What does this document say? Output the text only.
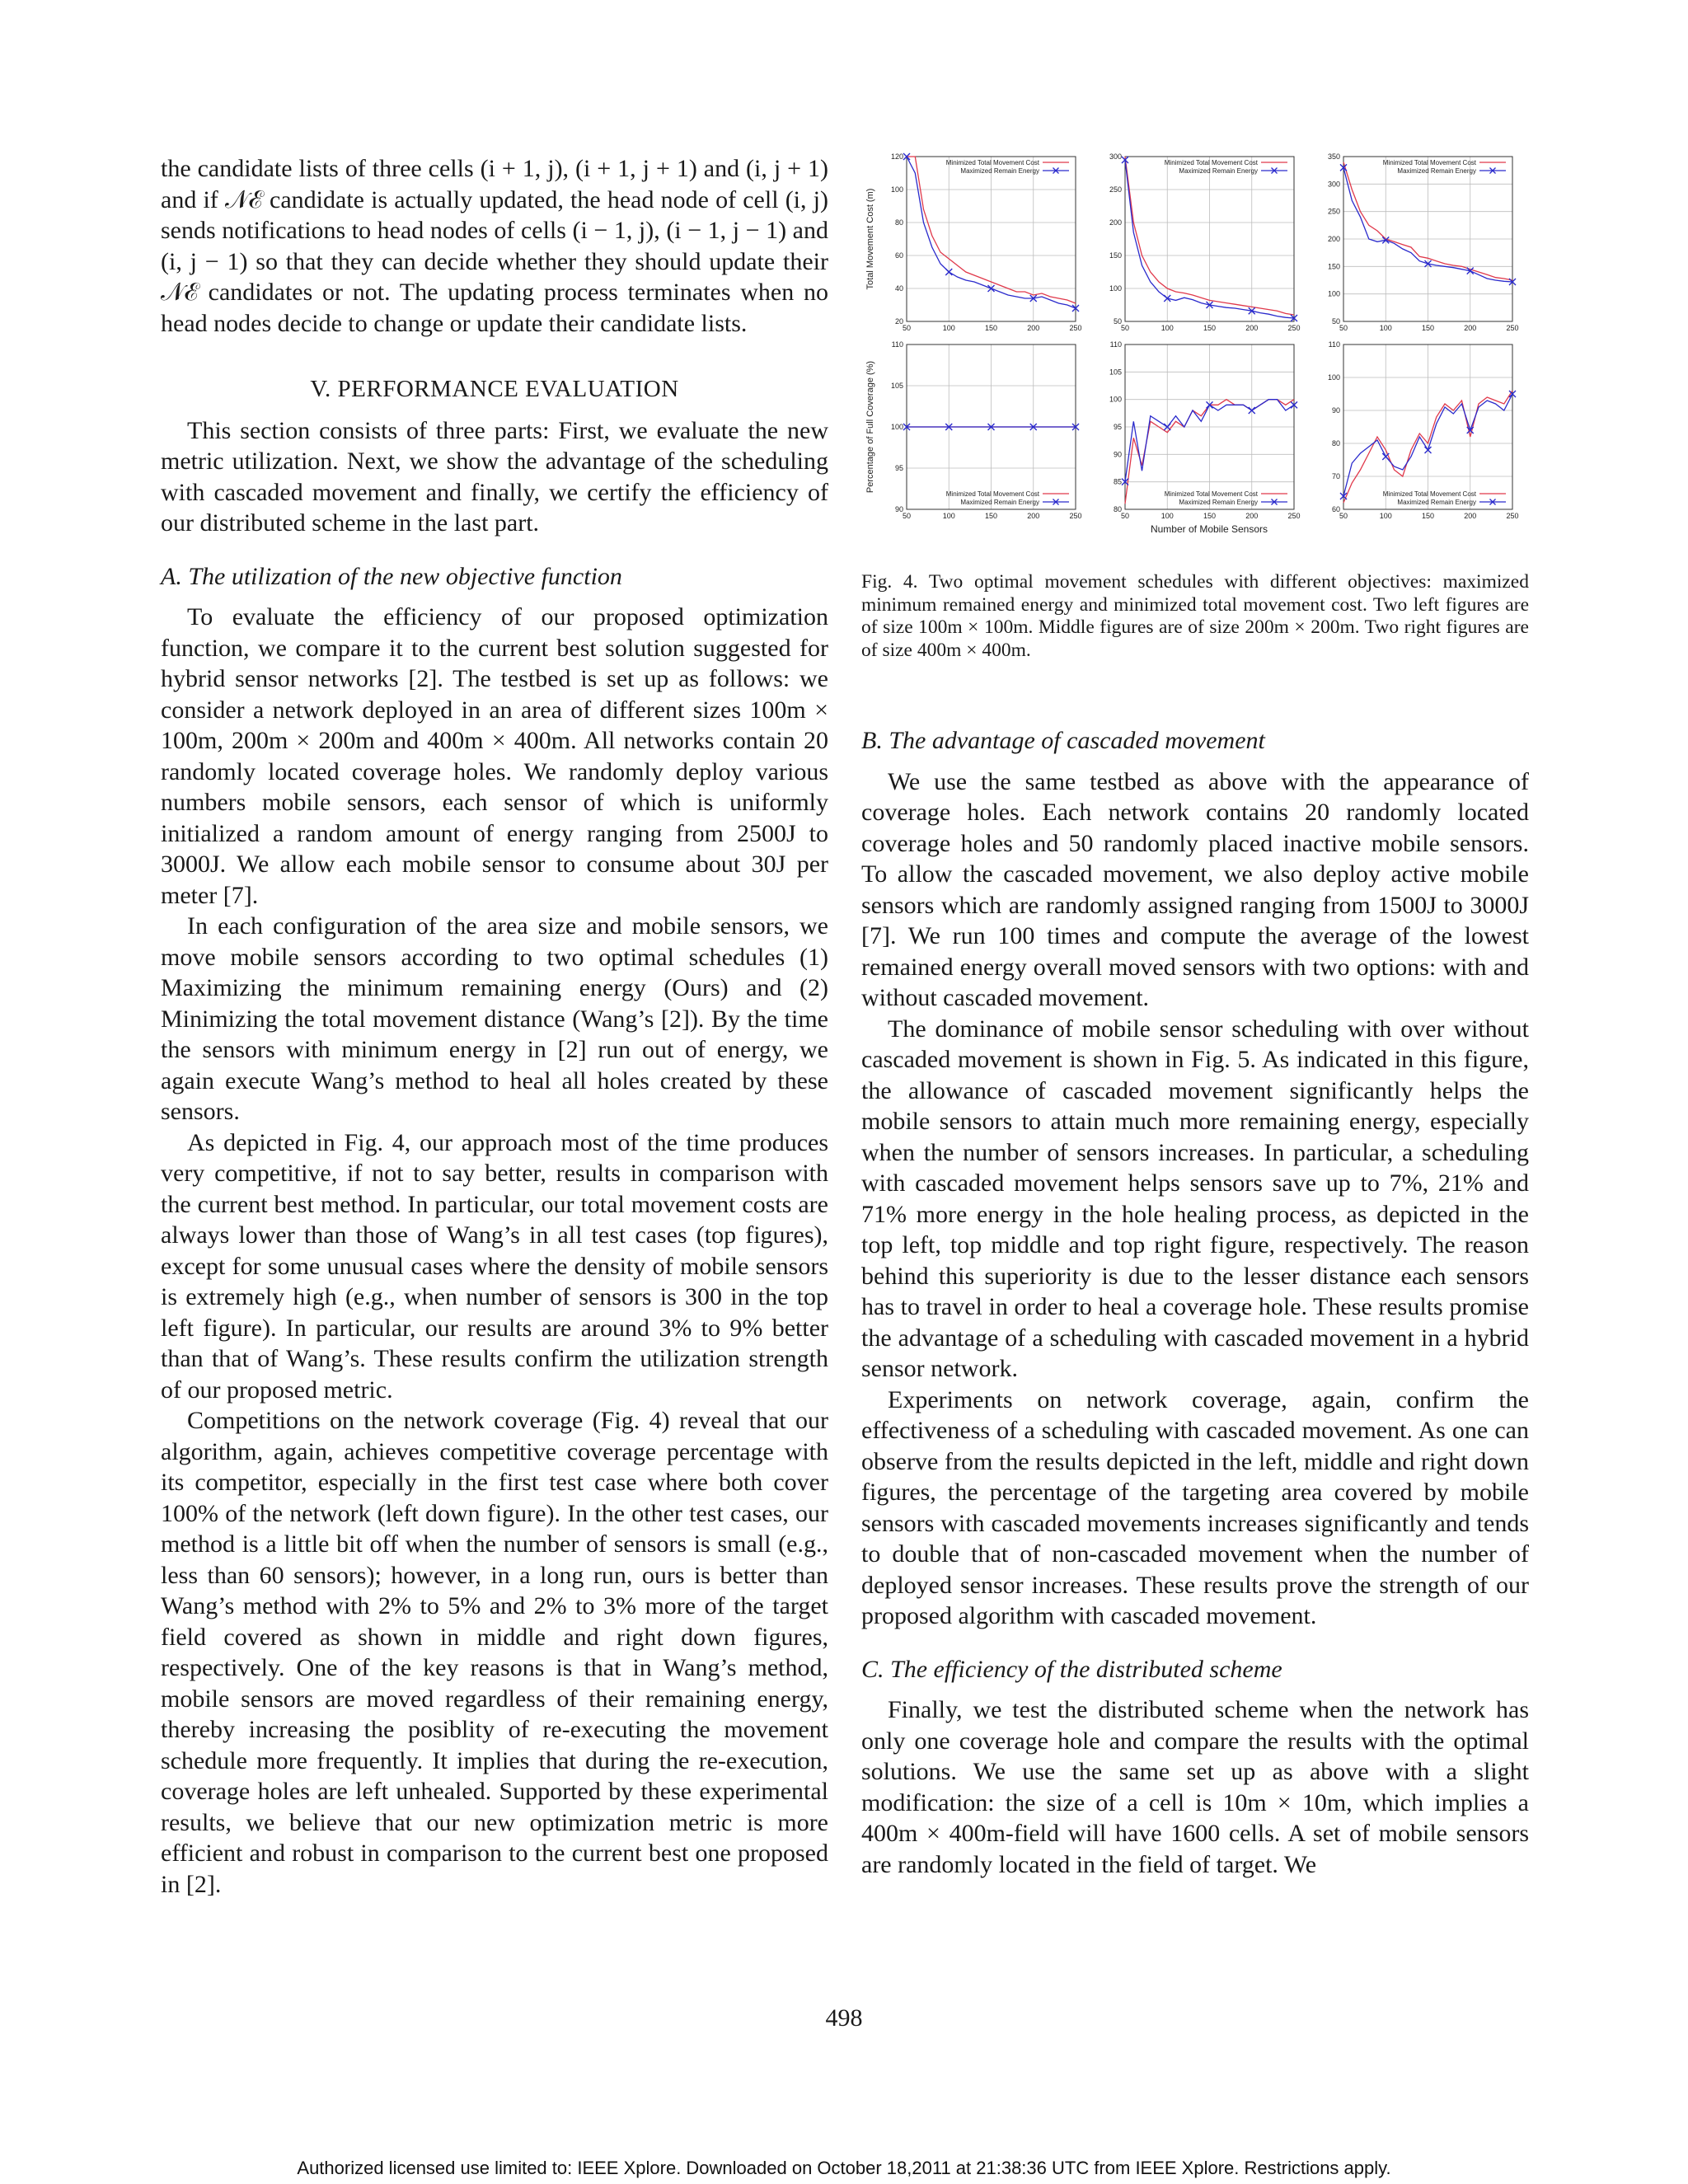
the candidate lists of three cells (i + 1, j), (i + 1, j + 1) and (i, j + 1) and if 𝒩ℰ candidate is actually updated, the head node of cell (i, j) sends notifications to head nodes of cells (i − 1, j), (i − 1, j − 1) and (i, j − 1) so that they can decide whether they should update their 𝒩ℰ candidates or not. The updating process terminates when no head nodes decide to change or update their candidate lists.

V. PERFORMANCE EVALUATION

This section consists of three parts: First, we evaluate the new metric utilization. Next, we show the advantage of the scheduling with cascaded movement and finally, we certify the efficiency of our distributed scheme in the last part.

A. The utilization of the new objective function

To evaluate the efficiency of our proposed optimization function, we compare it to the current best solution suggested for hybrid sensor networks [2]. The testbed is set up as follows: we consider a network deployed in an area of different sizes 100m × 100m, 200m × 200m and 400m × 400m. All networks contain 20 randomly located coverage holes. We randomly deploy various numbers mobile sensors, each sensor of which is uniformly initialized a random amount of energy ranging from 2500J to 3000J. We allow each mobile sensor to consume about 30J per meter [7].

In each configuration of the area size and mobile sensors, we move mobile sensors according to two optimal schedules (1) Maximizing the minimum remaining energy (Ours) and (2) Minimizing the total movement distance (Wang’s [2]). By the time the sensors with minimum energy in [2] run out of energy, we again execute Wang’s method to heal all holes created by these sensors.

As depicted in Fig. 4, our approach most of the time produces very competitive, if not to say better, results in comparison with the current best method. In particular, our total movement costs are always lower than those of Wang’s in all test cases (top figures), except for some unusual cases where the density of mobile sensors is extremely high (e.g., when number of sensors is 300 in the top left figure). In particular, our results are around 3% to 9% better than that of Wang’s. These results confirm the utilization strength of our proposed metric.

Competitions on the network coverage (Fig. 4) reveal that our algorithm, again, achieves competitive coverage percentage with its competitor, especially in the first test case where both cover 100% of the network (left down figure). In the other test cases, our method is a little bit off when the number of sensors is small (e.g., less than 60 sensors); however, in a long run, ours is better than Wang’s method with 2% to 5% and 2% to 3% more of the target field covered as shown in middle and right down figures, respectively. One of the key reasons is that in Wang’s method, mobile sensors are moved regardless of their remaining energy, thereby increasing the posiblity of re-executing the movement schedule more frequently. It implies that during the re-execution, coverage holes are left unhealed. Supported by these experimental results, we believe that our new optimization metric is more efficient and robust in comparison to the current best one proposed in [2].

20
40
60
80
100
120
50	100	150	200	250
Minimized Total Movement Cost
Maximized Remain Energy
50
100
150
200
250
300
50	100	150	200	250
Minimized Total Movement Cost
Maximized Remain Energy
50
100
150
200
250
300
350
50	100	150	200	250
Minimized Total Movement Cost
Maximized Remain Energy
90
95
100
105
110
50	100	150	200	250
Minimized Total Movement Cost
Maximized Remain Energy
80
85
90
95
100
105
110
50	100	150	200	250
Minimized Total Movement Cost
Maximized Remain Energy
60
70
80
90
100
110
50	100	150	200	250
Minimized Total Movement Cost
Maximized Remain Energy
Total Movement Cost (m)
Percentage of Full Coverage (%)
Number of Mobile Sensors
Fig. 4. Two optimal movement schedules with different objectives: maximized minimum remained energy and minimized total movement cost. Two left figures are of size 100m × 100m. Middle figures are of size 200m × 200m. Two right figures are of size 400m × 400m.
B. The advantage of cascaded movement

We use the same testbed as above with the appearance of coverage holes. Each network contains 20 randomly located coverage holes and 50 randomly placed inactive mobile sensors. To allow the cascaded movement, we also deploy active mobile sensors which are randomly assigned ranging from 1500J to 3000J [7]. We run 100 times and compute the average of the lowest remained energy overall moved sensors with two options: with and without cascaded movement.

The dominance of mobile sensor scheduling with over without cascaded movement is shown in Fig. 5. As indicated in this figure, the allowance of cascaded movement significantly helps the mobile sensors to attain much more remaining energy, especially when the number of sensors increases. In particular, a scheduling with cascaded movement helps sensors save up to 7%, 21% and 71% more energy in the hole healing process, as depicted in the top left, top middle and top right figure, respectively. The reason behind this superiority is due to the lesser distance each sensors has to travel in order to heal a coverage hole. These results promise the advantage of a scheduling with cascaded movement in a hybrid sensor network.

Experiments on network coverage, again, confirm the effectiveness of a scheduling with cascaded movement. As one can observe from the results depicted in the left, middle and right down figures, the percentage of the targeting area covered by mobile sensors with cascaded movements increases significantly and tends to double that of non-cascaded movement when the number of deployed sensor increases. These results prove the strength of our proposed algorithm with cascaded movement.

C. The efficiency of the distributed scheme

Finally, we test the distributed scheme when the network has only one coverage hole and compare the results with the optimal solutions. We use the same set up as above with a slight modification: the size of a cell is 10m × 10m, which implies a 400m × 400m-field will have 1600 cells. A set of mobile sensors are randomly located in the field of target. We

498
Authorized licensed use limited to: IEEE Xplore. Downloaded on October 18,2011 at 21:38:36 UTC from IEEE Xplore. Restrictions apply.
